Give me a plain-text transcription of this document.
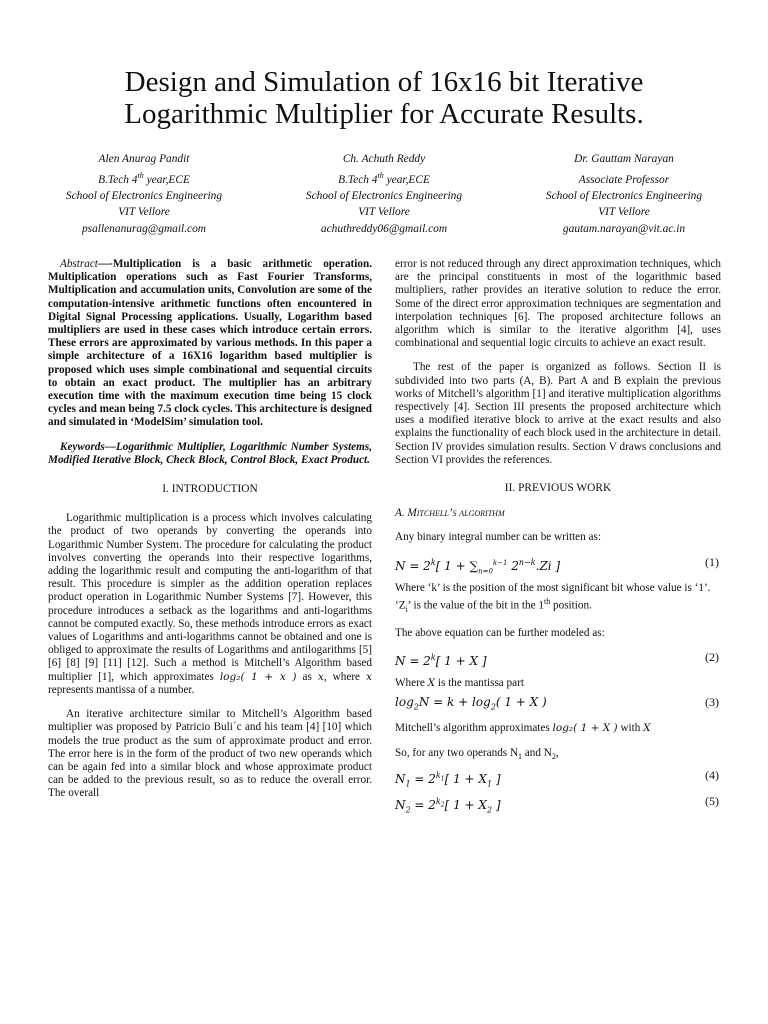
Design and Simulation of 16x16 bit Iterative
Logarithmic Multiplier for Accurate Results.
Alen Anurag Pandit
B.Tech 4th year,ECE
School of Electronics Engineering
VIT Vellore
psallenanurag@gmail.com
Ch. Achuth Reddy
B.Tech 4th year,ECE
School of Electronics Engineering
VIT Vellore
achuthreddy06@gmail.com
Dr. Gauttam Narayan
Associate Professor
School of Electronics Engineering
VIT Vellore
gautam.narayan@vit.ac.in

Abstract—-Multiplication is a basic arithmetic operation. Multiplication operations such as Fast Fourier Transforms, Multiplication and accumulation units, Convolution are some of the computation-intensive arithmetic functions often encountered in Digital Signal Processing applications. Usually, Logarithm based multipliers are used in these cases which introduce certain errors. These errors are approximated by various methods. In this paper a simple architecture of a 16X16 logarithm based multiplier is proposed which uses simple combinational and sequential circuits to obtain an exact product. The multiplier has an arbitrary execution time with the maximum execution time being 15 clock cycles and mean being 7.5 clock cycles. This architecture is designed and simulated in ‘ModelSim’ simulation tool.

Keywords—Logarithmic Multiplier, Logarithmic Number Systems, Modified Iterative Block, Check Block, Control Block, Exact Product.

I. INTRODUCTION

Logarithmic multiplication is a process which involves calculating the product of two operands by converting the operands into Logarithmic Number System. The procedure for calculating the product involves converting the operands into their respective logarithms, adding the logarithmic result and computing the anti-logarithm of that result. This procedure is simpler as the addition operation replaces product operation in Logarithmic Number Systems [7]. However, this procedure introduces a setback as the logarithms and anti-logarithms cannot be computed exactly. So, these methods introduce errors as exact values of Logarithms and anti-logarithms cannot be obtained and one is obliged to approximate the results of Logarithms and antilogarithms [5] [6] [8] [9] [11] [12]. Such a method is Mitchell’s Algorithm based multiplier [1], which approximates log₂( 1 + x ) as x, where x represents mantissa of a number.

An iterative architecture similar to Mitchell’s Algorithm based multiplier was proposed by Patricio Buli´c and his team [4] [10] which models the true product as the sum of approximate product and error. The error here is in the form of the product of two new operands which can be again fed into a similar block and whose approximate product can be added to the previous result, so as to reduce the overall error. The overall

error is not reduced through any direct approximation techniques, which are the principal constituents in most of the logarithmic based multipliers, rather provides an iterative solution to reduce the error. Some of the direct error approximation techniques are segmentation and interpolation techniques [6]. The proposed architecture follows an algorithm which is similar to the iterative algorithm [4], uses combinational and sequential logic circuits to achieve an exact result.

The rest of the paper is organized as follows. Section II is subdivided into two parts (A, B). Part A and B explain the previous works of Mitchell’s algorithm [1] and iterative multiplication algorithms respectively [4]. Section III presents the proposed architecture which uses a modified iterative block to arrive at the exact results and also explains the functionality of each block used in the architecture in detail. Section IV provides simulation results. Section V draws conclusions and Section VI provides the references.

II. PREVIOUS WORK
A. Mitchell’s algorithm

Any binary integral number can be written as:

$N = 2^k$[ $1 + \sum_{n=0}^{k-1}$ $2^{n-k}.Zi$ ]	(1)

Where ‘k’ is the position of the most significant bit whose value is ‘1’. ‘$Z_i$’ is the value of the bit in the 1th position.

The above equation can be further modeled as:

$N = 2^k$[ 1 + X ]	(2)

Where X is the mantissa part

$\log_2N = k + \log_2$( 1 + X )	(3)

Mitchell’s algorithm approximates log₂( 1 + X ) with X

So, for any two operands $N_1$ and $N_2$,

$N_1 = 2^{k_1}$[ $1 + X_1$ ]	(4)
$N_2 = 2^{k_2}$[ $1 + X_2$ ]	(5)
